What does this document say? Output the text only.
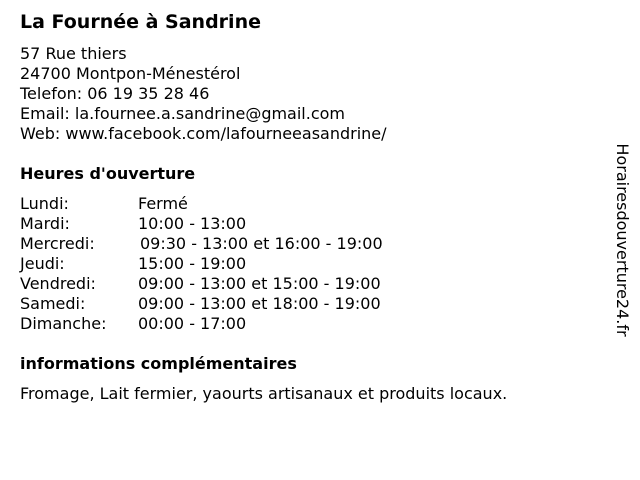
La Fournée à Sandrine
57 Rue thiers
24700 Montpon-Ménestérol
Telefon: 06 19 35 28 46
Email: la.fournee.a.sandrine@gmail.com
Web: www.facebook.com/lafourneeasandrine/
Heures d'ouverture
Lundi:	Fermé
Mardi:	10:00 - 13:00
Mercredi:	09:30 - 13:00 et 16:00 - 19:00
Jeudi:	15:00 - 19:00
Vendredi:	09:00 - 13:00 et 15:00 - 19:00
Samedi:	09:00 - 13:00 et 18:00 - 19:00
Dimanche: 00:00 - 17:00
informations complémentaires
Fromage, Lait fermier, yaourts artisanaux et produits locaux.
Horairesdouverture24.fr
